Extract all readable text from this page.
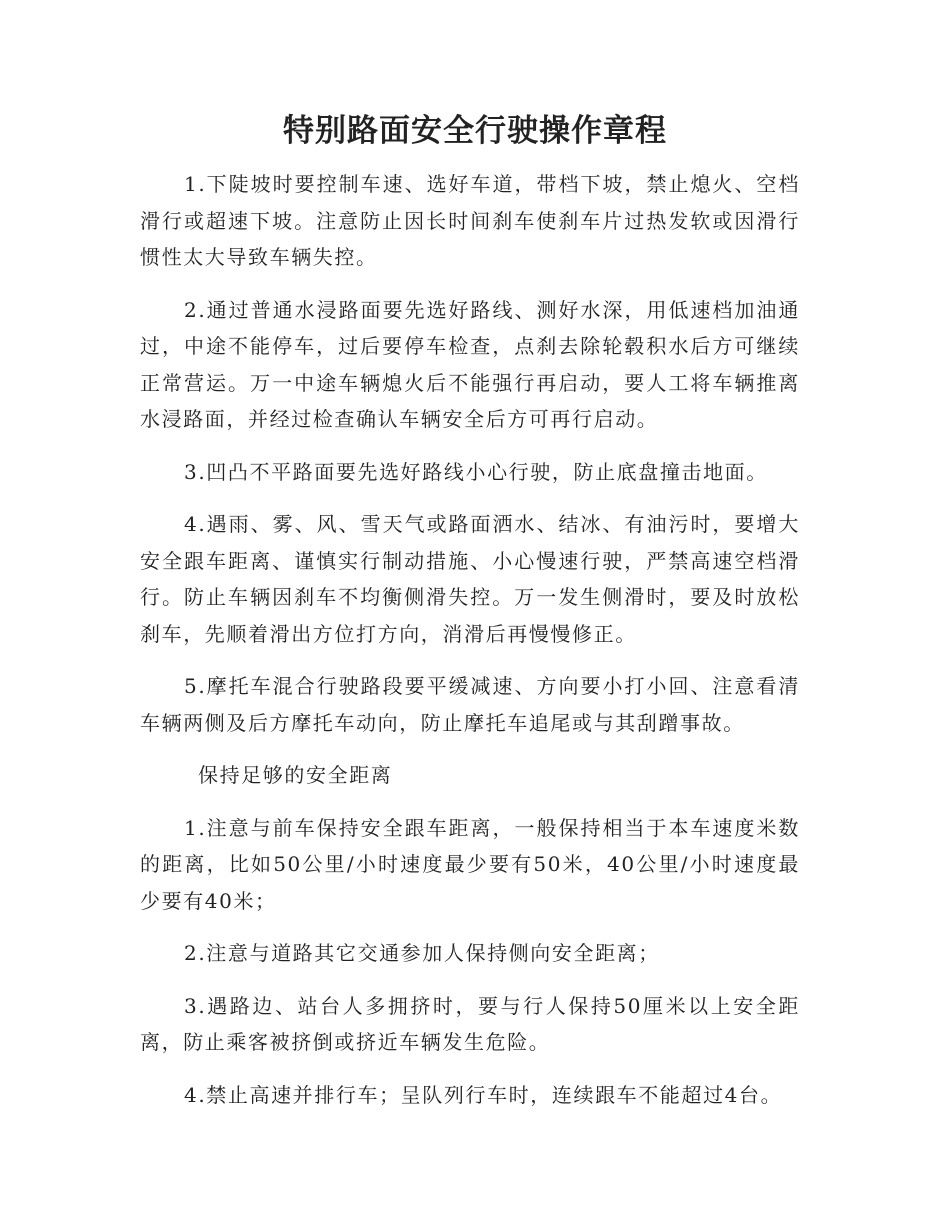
特别路面安全行驶操作章程

1.下陡坡时要控制车速、选好车道，带档下坡，禁止熄火、空档滑行或超速下坡。注意防止因长时间刹车使刹车片过热发软或因滑行惯性太大导致车辆失控。

2.通过普通水浸路面要先选好路线、测好水深，用低速档加油通过，中途不能停车，过后要停车检查，点刹去除轮毂积水后方可继续正常营运。万一中途车辆熄火后不能强行再启动，要人工将车辆推离水浸路面，并经过检查确认车辆安全后方可再行启动。

3.凹凸不平路面要先选好路线小心行驶，防止底盘撞击地面。

4.遇雨、雾、风、雪天气或路面洒水、结冰、有油污时，要增大安全跟车距离、谨慎实行制动措施、小心慢速行驶，严禁高速空档滑行。防止车辆因刹车不均衡侧滑失控。万一发生侧滑时，要及时放松刹车，先顺着滑出方位打方向，消滑后再慢慢修正。

5.摩托车混合行驶路段要平缓减速、方向要小打小回、注意看清车辆两侧及后方摩托车动向，防止摩托车追尾或与其刮蹭事故。

保持足够的安全距离

1.注意与前车保持安全跟车距离，一般保持相当于本车速度米数的距离，比如50公里/小时速度最少要有50米，40公里/小时速度最少要有40米；

2.注意与道路其它交通参加人保持侧向安全距离；

3.遇路边、站台人多拥挤时，要与行人保持50厘米以上安全距离，防止乘客被挤倒或挤近车辆发生危险。

4.禁止高速并排行车；呈队列行车时，连续跟车不能超过4台。
